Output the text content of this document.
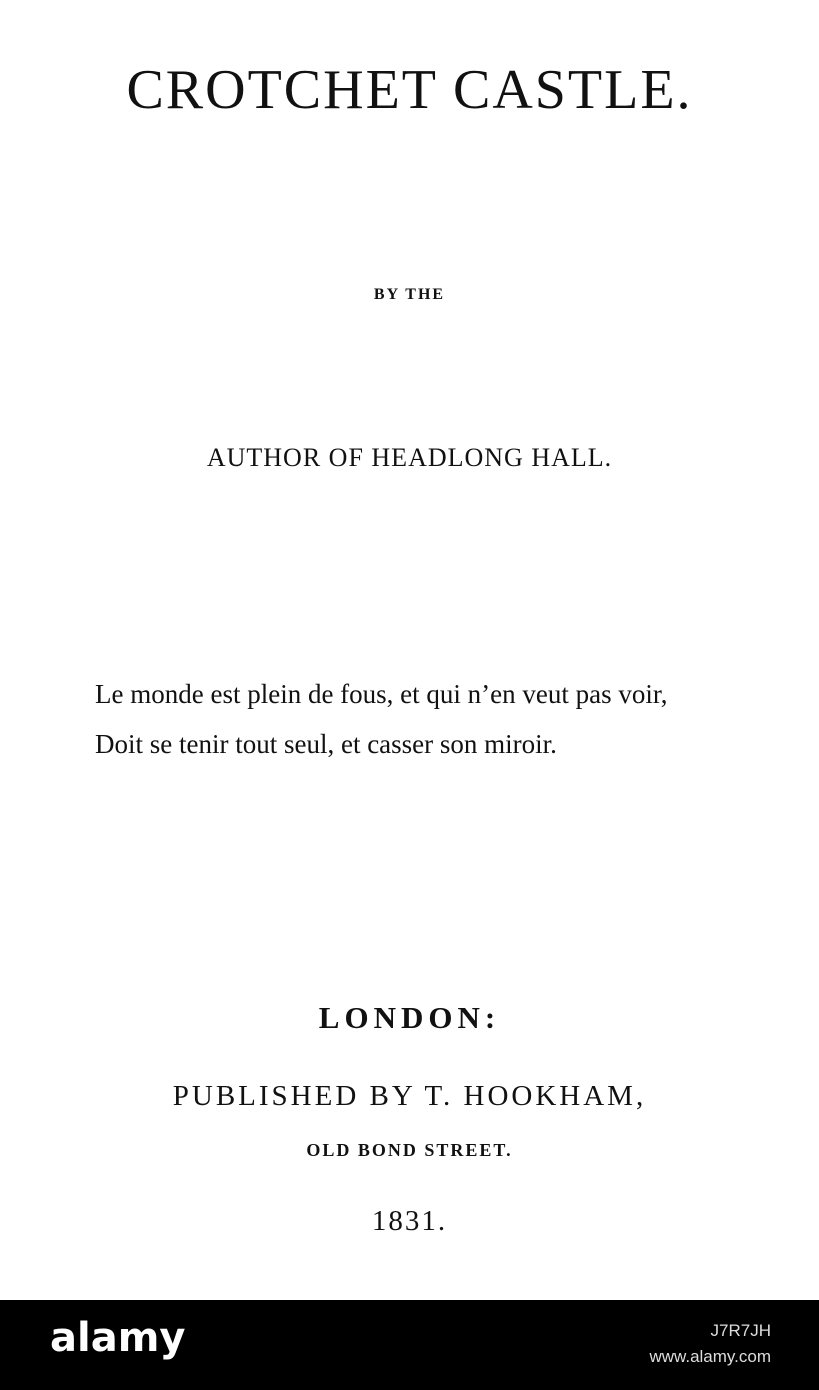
CROTCHET CASTLE.
BY THE
AUTHOR OF HEADLONG HALL.
Le monde est plein de fous, et qui n’en veut pas voir,
Doit se tenir tout seul, et casser son miroir.
LONDON:
PUBLISHED BY T. HOOKHAM,
OLD BOND STREET.
1831.
alamy	J7R7JH
www.alamy.com
